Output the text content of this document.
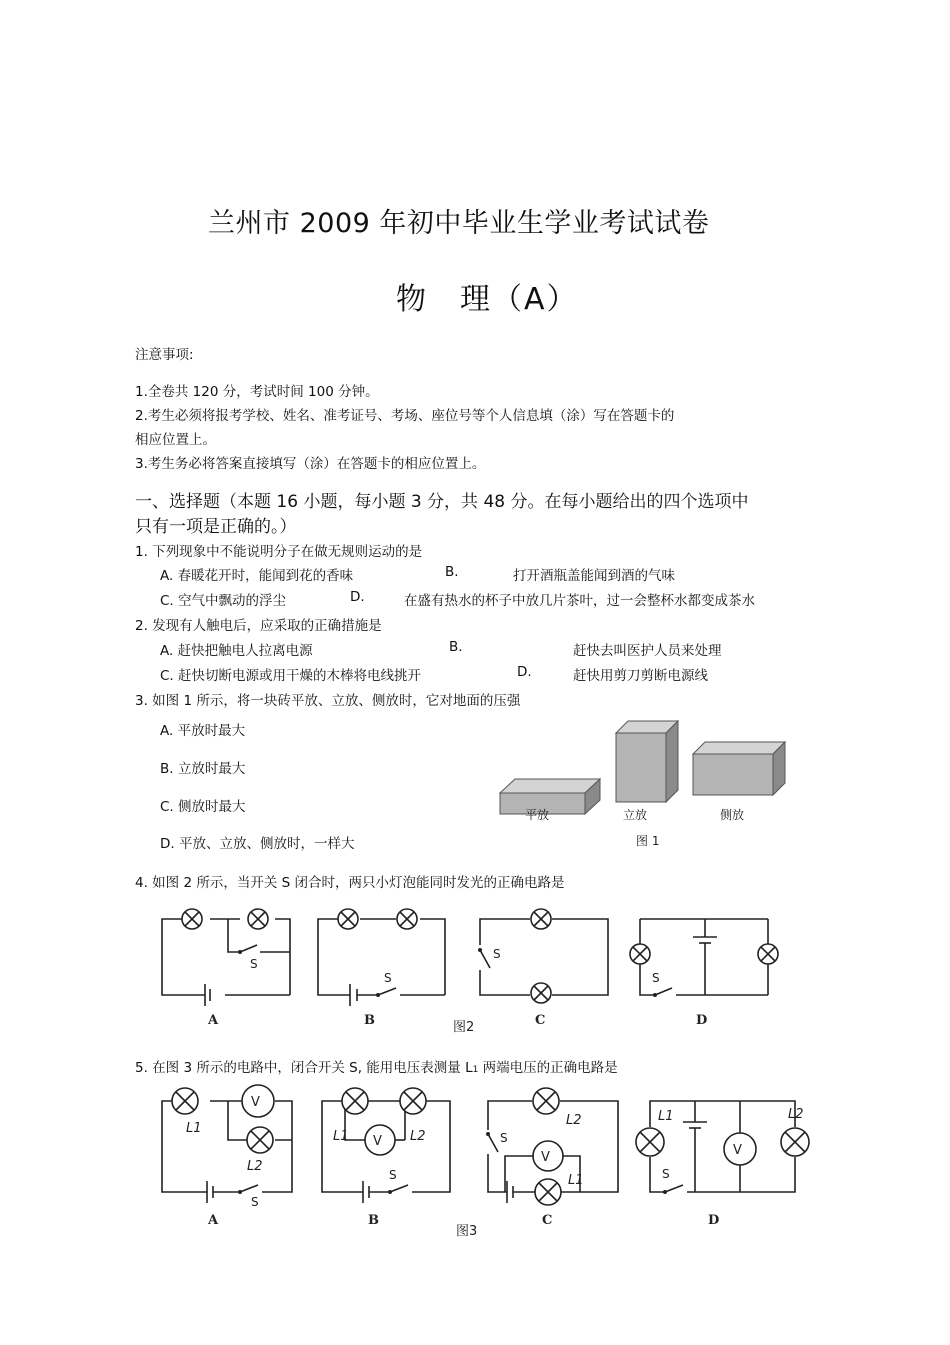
兰州市 2009 年初中毕业生学业考试试卷
物　理（A）
注意事项:
1.全卷共 120 分，考试时间 100 分钟。
2.考生必须将报考学校、姓名、准考证号、考场、座位号等个人信息填（涂）写在答题卡的
相应位置上。
3.考生务必将答案直接填写（涂）在答题卡的相应位置上。
一、选择题（本题 16 小题，每小题 3 分，共 48 分。在每小题给出的四个选项中
只有一项是正确的。）
1. 下列现象中不能说明分子在做无规则运动的是
A. 春暖花开时，能闻到花的香味	B.	打开酒瓶盖能闻到酒的气味
C. 空气中飘动的浮尘	D.	在盛有热水的杯子中放几片茶叶，过一会整杯水都变成茶水
2. 发现有人触电后，应采取的正确措施是
A. 赶快把触电人拉离电源	B.	赶快去叫医护人员来处理
C. 赶快切断电源或用干燥的木棒将电线挑开	D.	赶快用剪刀剪断电源线
3. 如图 1 所示，将一块砖平放、立放、侧放时，它对地面的压强
A. 平放时最大
B. 立放时最大
C. 侧放时最大
D. 平放、立放、侧放时，一样大
平放	立放	侧放
图 1
4. 如图 2 所示，当开关 S 闭合时，两只小灯泡能同时发光的正确电路是
S
A
S
B
S
C
S
D
图2
5. 在图 3 所示的电路中，闭合开关 S, 能用电压表测量 L1 两端电压的正确电路是
V
L1
L2
S
A
V
L1	L2
S
B
V
S
L2
L1
C
V
L1	L2
S
D
图3
